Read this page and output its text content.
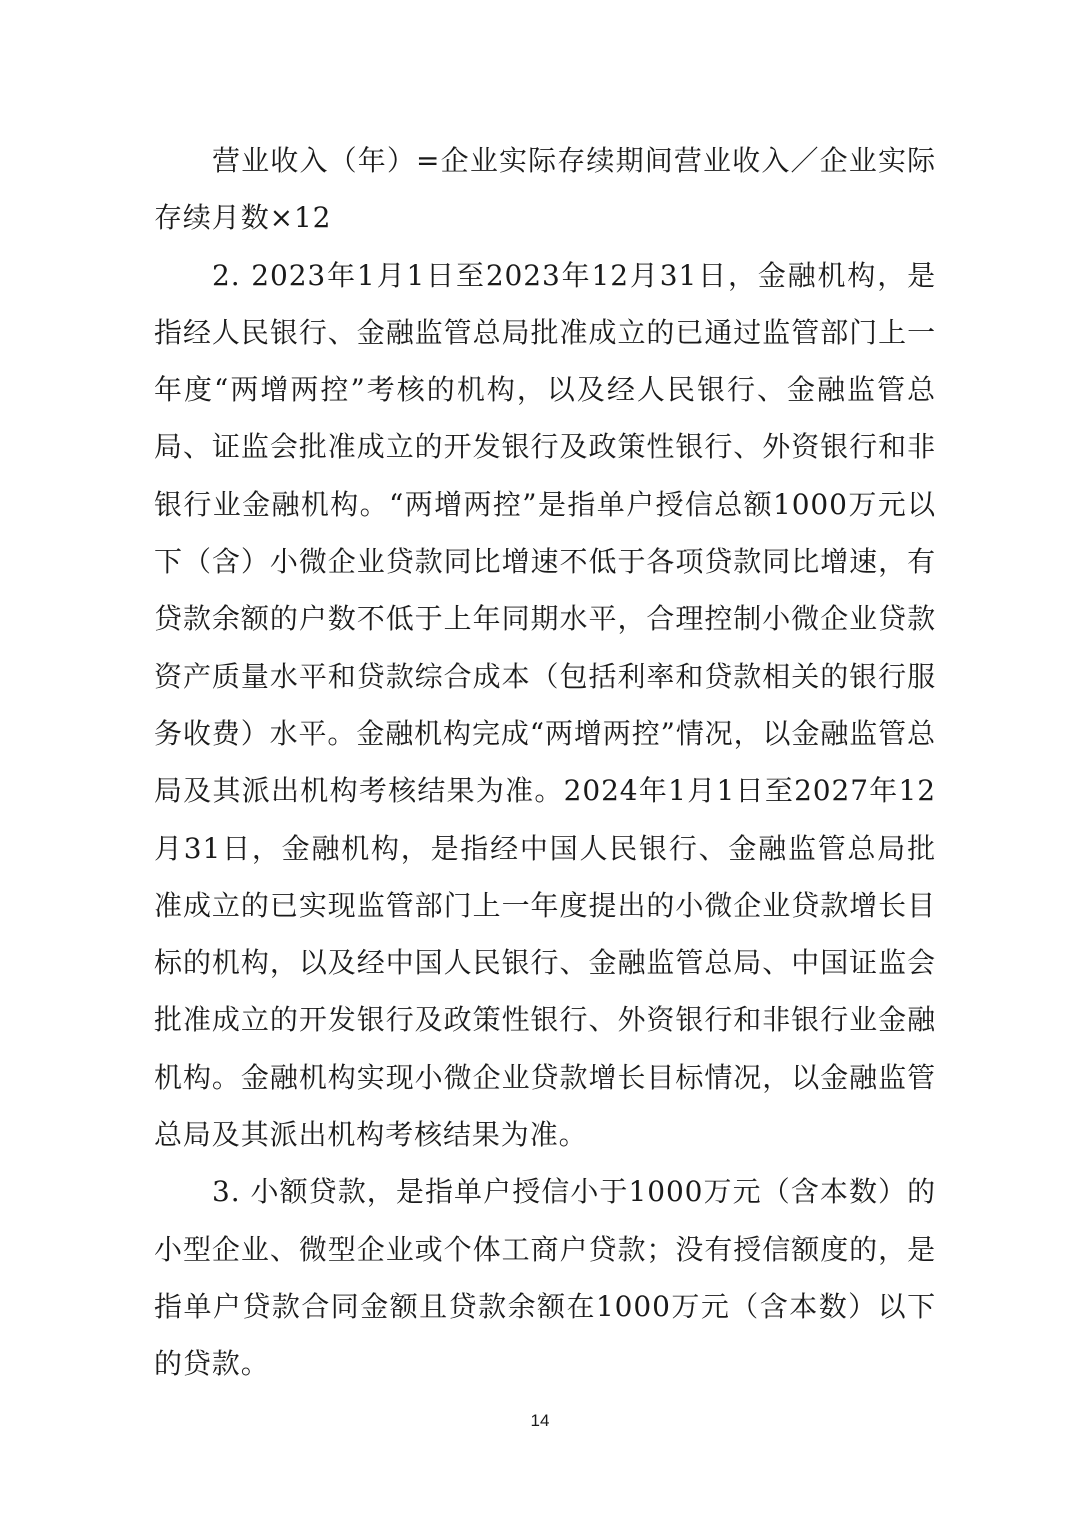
营业收入（年）=企业实际存续期间营业收入／企业实际存续月数×12

2. 2023年1月1日至2023年12月31日，金融机构，是指经人民银行、金融监管总局批准成立的已通过监管部门上一年度“两增两控”考核的机构，以及经人民银行、金融监管总局、证监会批准成立的开发银行及政策性银行、外资银行和非银行业金融机构。“两增两控”是指单户授信总额1000万元以下（含）小微企业贷款同比增速不低于各项贷款同比增速，有贷款余额的户数不低于上年同期水平，合理控制小微企业贷款资产质量水平和贷款综合成本（包括利率和贷款相关的银行服务收费）水平。金融机构完成“两增两控”情况，以金融监管总局及其派出机构考核结果为准。2024年1月1日至2027年12月31日，金融机构，是指经中国人民银行、金融监管总局批准成立的已实现监管部门上一年度提出的小微企业贷款增长目标的机构，以及经中国人民银行、金融监管总局、中国证监会批准成立的开发银行及政策性银行、外资银行和非银行业金融机构。金融机构实现小微企业贷款增长目标情况，以金融监管总局及其派出机构考核结果为准。

3. 小额贷款，是指单户授信小于1000万元（含本数）的小型企业、微型企业或个体工商户贷款；没有授信额度的，是指单户贷款合同金额且贷款余额在1000万元（含本数）以下的贷款。

14
